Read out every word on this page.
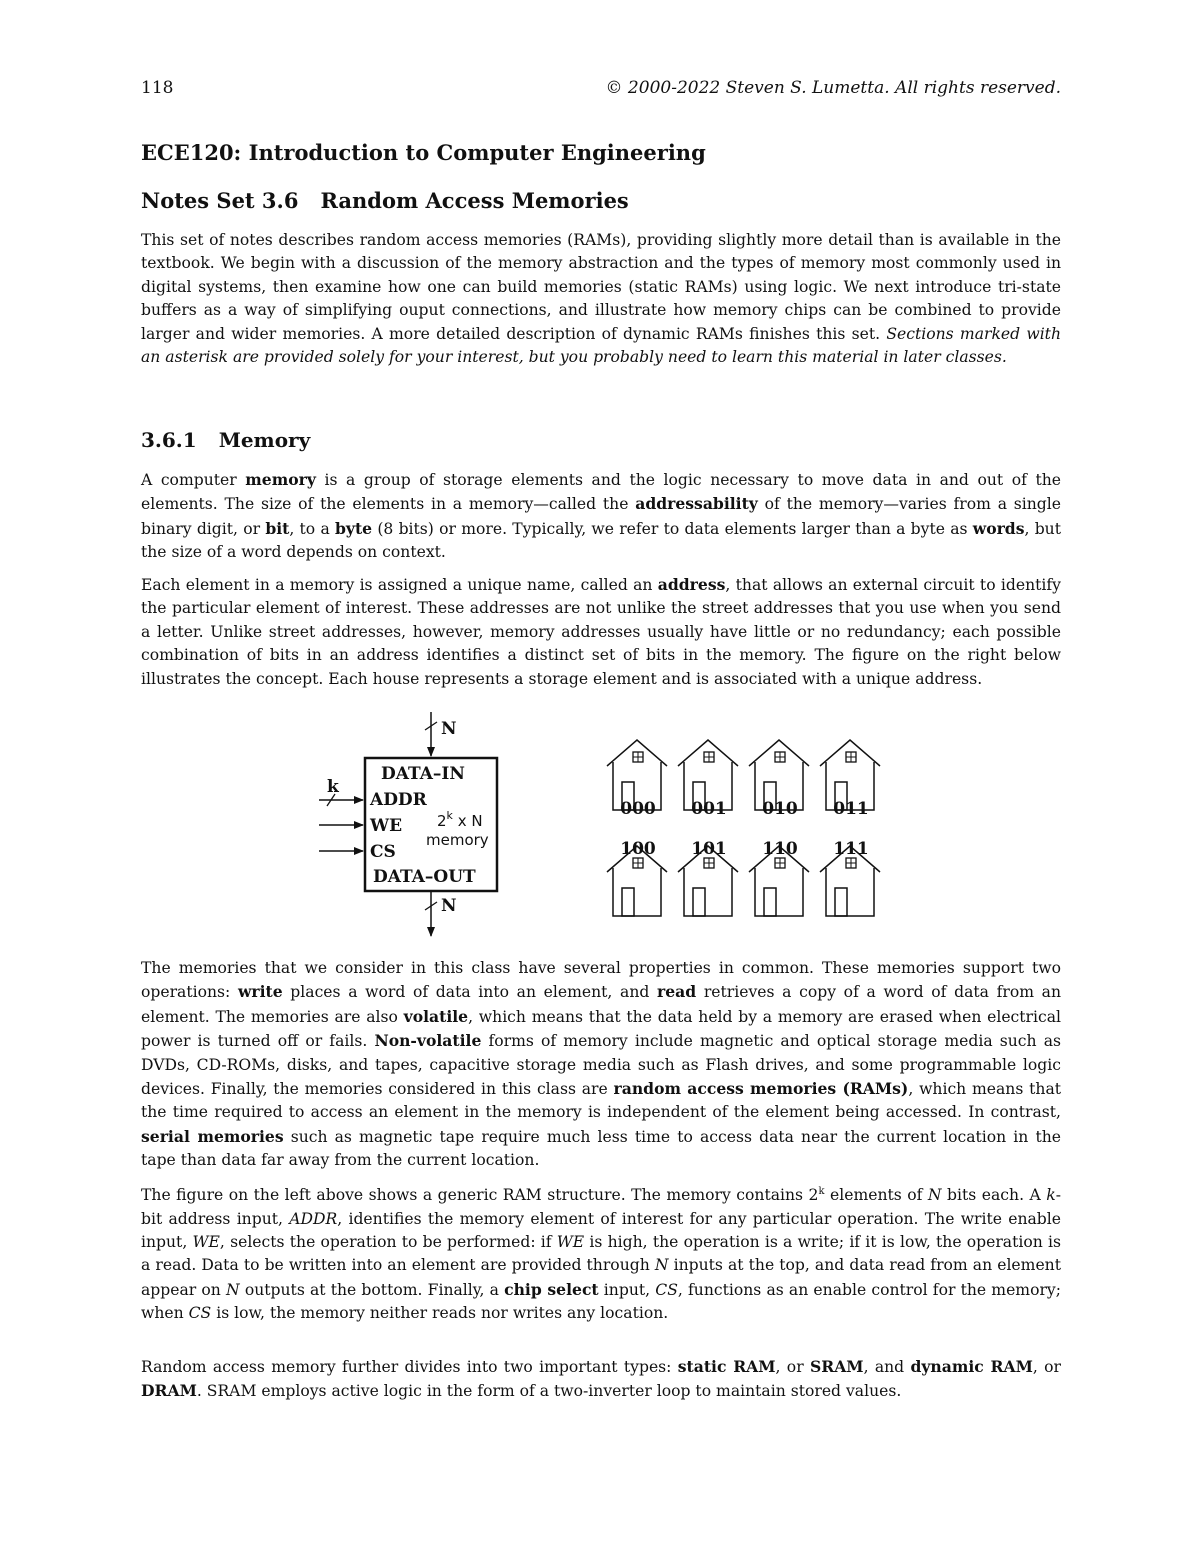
118	© 2000-2022 Steven S. Lumetta. All rights reserved.
ECE120: Introduction to Computer Engineering
Notes Set 3.6 Random Access Memories

This set of notes describes random access memories (RAMs), providing slightly more detail than is available in the textbook. We begin with a discussion of the memory abstraction and the types of memory most commonly used in digital systems, then examine how one can build memories (static RAMs) using logic. We next introduce tri-state buffers as a way of simplifying ouput connections, and illustrate how memory chips can be combined to provide larger and wider memories. A more detailed description of dynamic RAMs finishes this set. Sections marked with an asterisk are provided solely for your interest, but you probably need to learn this material in later classes.

3.6.1 Memory

A computer memory is a group of storage elements and the logic necessary to move data in and out of the elements. The size of the elements in a memory—called the addressability of the memory—varies from a single binary digit, or bit, to a byte (8 bits) or more. Typically, we refer to data elements larger than a byte as words, but the size of a word depends on context.

Each element in a memory is assigned a unique name, called an address, that allows an external circuit to identify the particular element of interest. These addresses are not unlike the street addresses that you use when you send a letter. Unlike street addresses, however, memory addresses usually have little or no redundancy; each possible combination of bits in an address identifies a distinct set of bits in the memory. The figure on the right below illustrates the concept. Each house represents a storage element and is associated with a unique address.

N
N
k
DATA–IN
ADDR
WE
CS
DATA–OUT
2$^k$ x N
memory
000 001 010 011
100 101 110 111

The memories that we consider in this class have several properties in common. These memories support two operations: write places a word of data into an element, and read retrieves a copy of a word of data from an element. The memories are also volatile, which means that the data held by a memory are erased when electrical power is turned off or fails. Non-volatile forms of memory include magnetic and optical storage media such as DVDs, CD-ROMs, disks, and tapes, capacitive storage media such as Flash drives, and some programmable logic devices. Finally, the memories considered in this class are random access memories (RAMs), which means that the time required to access an element in the memory is independent of the element being accessed. In contrast, serial memories such as magnetic tape require much less time to access data near the current location in the tape than data far away from the current location.

The figure on the left above shows a generic RAM structure. The memory contains 2$^k$ elements of N bits each. A k-bit address input, ADDR, identifies the memory element of interest for any particular operation. The write enable input, WE, selects the operation to be performed: if WE is high, the operation is a write; if it is low, the operation is a read. Data to be written into an element are provided through N inputs at the top, and data read from an element appear on N outputs at the bottom. Finally, a chip select input, CS, functions as an enable control for the memory; when CS is low, the memory neither reads nor writes any location.

Random access memory further divides into two important types: static RAM, or SRAM, and dynamic RAM, or DRAM. SRAM employs active logic in the form of a two-inverter loop to maintain stored values.
